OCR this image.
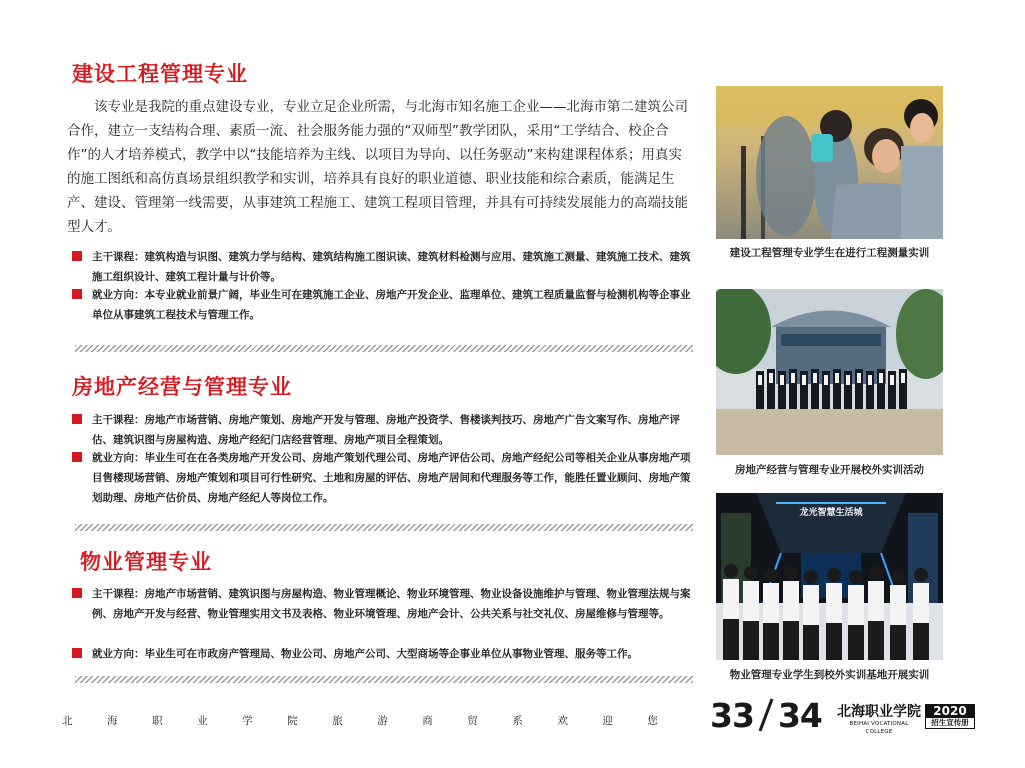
建设工程管理专业
该专业是我院的重点建设专业，专业立足企业所需，与北海市知名施工企业——北海市第二建筑公司合作，建立一支结构合理、素质一流、社会服务能力强的“双师型”教学团队，采用“工学结合、校企合作”的人才培养模式，教学中以“技能培养为主线、以项目为导向、以任务驱动”来构建课程体系；用真实的施工图纸和高仿真场景组织教学和实训，培养具有良好的职业道德、职业技能和综合素质，能满足生产、建设、管理第一线需要，从事建筑工程施工、建筑工程项目管理，并具有可持续发展能力的高端技能型人才。
主干课程：建筑构造与识图、建筑力学与结构、建筑结构施工图识读、建筑材料检测与应用、建筑施工测量、建筑施工技术、建筑施工组织设计、建筑工程计量与计价等。
就业方向：本专业就业前景广阔，毕业生可在建筑施工企业、房地产开发企业、监理单位、建筑工程质量监督与检测机构等企事业单位从事建筑工程技术与管理工作。
房地产经营与管理专业
主干课程：房地产市场营销、房地产策划、房地产开发与管理、房地产投资学、售楼谈判技巧、房地产广告文案写作、房地产评估、建筑识图与房屋构造、房地产经纪门店经营管理、房地产项目全程策划。
就业方向：毕业生可在在各类房地产开发公司、房地产策划代理公司、房地产评估公司、房地产经纪公司等相关企业从事房地产项目售楼现场营销、房地产策划和项目可行性研究、土地和房屋的评估、房地产居间和代理服务等工作，能胜任置业顾问、房地产策划助理、房地产估价员、房地产经纪人等岗位工作。
物业管理专业
主干课程：房地产市场营销、建筑识图与房屋构造、物业管理概论、物业环境管理、物业设备设施维护与管理、物业管理法规与案例、房地产开发与经营、物业管理实用文书及表格、物业环境管理、房地产会计、公共关系与社交礼仪、房屋维修与管理等。
就业方向：毕业生可在市政房产管理局、物业公司、房地产公司、大型商场等企事业单位从事物业管理、服务等工作。
建设工程管理专业学生在进行工程测量实训
房地产经营与管理专业开展校外实训活动
龙光智慧生活城
物业管理专业学生到校外实训基地开展实训
北	海	职	业	学	院	旅	游	商	贸	系	欢	迎	您 33 34 北海职业学院
BEIHAI VOCATIONAL COLLEGE
2020
招生宣传册
